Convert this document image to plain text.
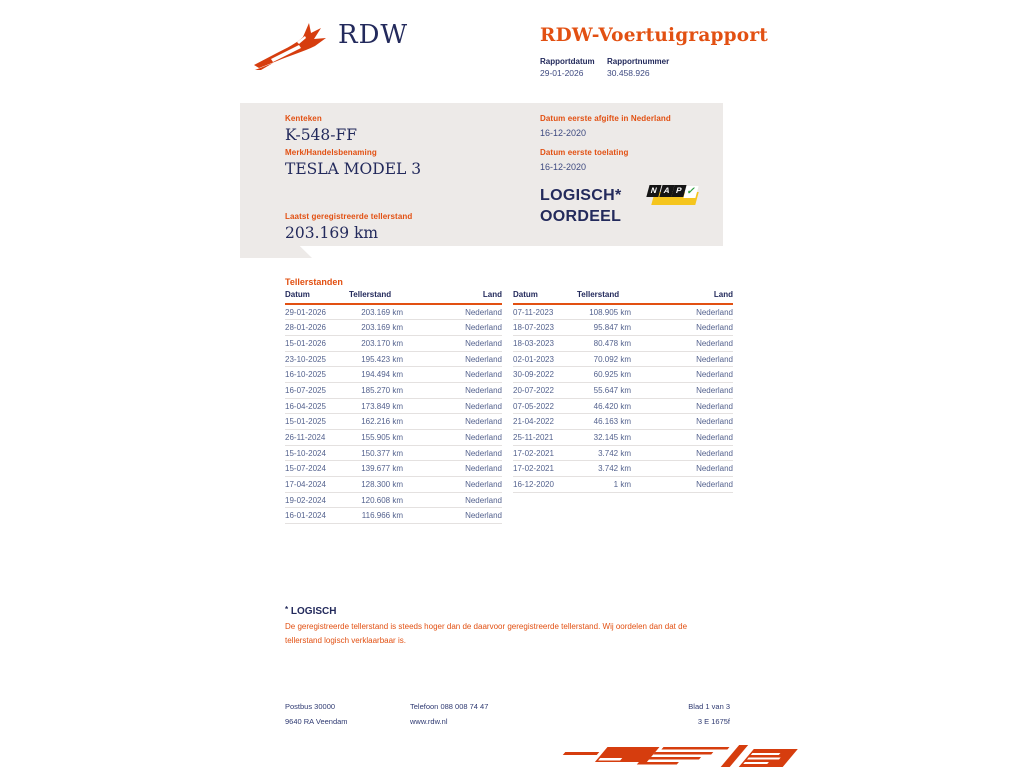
RDW	RDW-Voertuigrapport
Rapportdatum Rapportnummer
29-01-2026	30.458.926
Kenteken
K-548-FF
Merk/Handelsbenaming
TESLA MODEL 3
Laatst geregistreerde tellerstand
203.169 km
Datum eerste afgifte in Nederland
16-12-2020
Datum eerste toelating
16-12-2020
LOGISCH*
OORDEEL
N A P ✓
Tellerstanden
Datum	Tellerstand	Land
29-01-2026	203.169 km	Nederland
28-01-2026	203.169 km	Nederland
15-01-2026	203.170 km	Nederland
23-10-2025	195.423 km	Nederland
16-10-2025	194.494 km	Nederland
16-07-2025	185.270 km	Nederland
16-04-2025	173.849 km	Nederland
15-01-2025	162.216 km	Nederland
26-11-2024	155.905 km	Nederland
15-10-2024	150.377 km	Nederland
15-07-2024	139.677 km	Nederland
17-04-2024	128.300 km	Nederland
19-02-2024	120.608 km	Nederland
16-01-2024	116.966 km	Nederland
Datum	Tellerstand	Land
07-11-2023	108.905 km	Nederland
18-07-2023	95.847 km	Nederland
18-03-2023	80.478 km	Nederland
02-01-2023	70.092 km	Nederland
30-09-2022	60.925 km	Nederland
20-07-2022	55.647 km	Nederland
07-05-2022	46.420 km	Nederland
21-04-2022	46.163 km	Nederland
25-11-2021	32.145 km	Nederland
17-02-2021	3.742 km	Nederland
17-02-2021	3.742 km	Nederland
16-12-2020	1 km	Nederland
* LOGISCH
De geregistreerde tellerstand is steeds hoger dan de daarvoor geregistreerde tellerstand. Wij oordelen dan dat de tellerstand logisch verklaarbaar is.
Postbus 30000
9640 RA Veendam
Telefoon 088 008 74 47
www.rdw.nl
Blad 1 van 3
3 E 1675f
